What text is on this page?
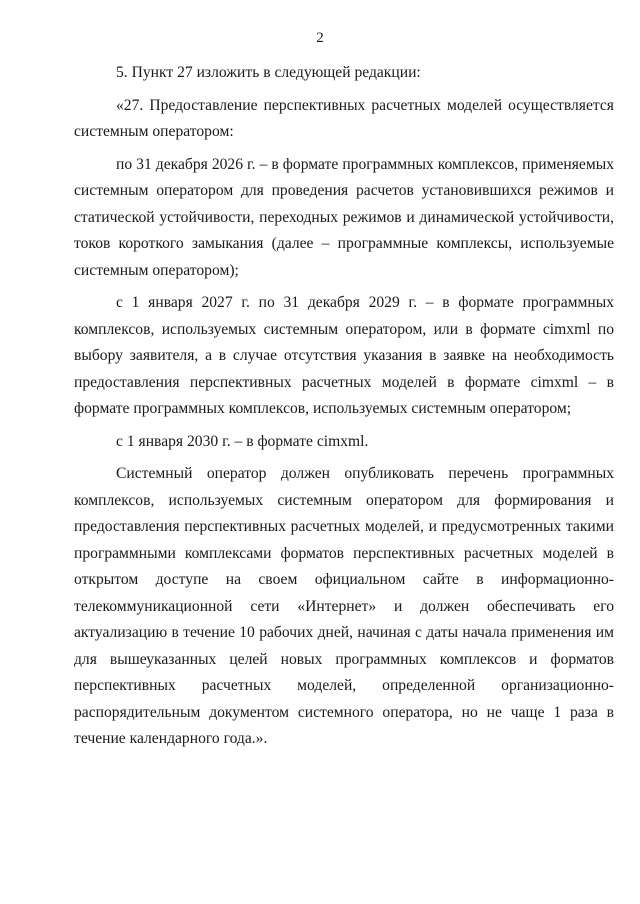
2

5. Пункт 27 изложить в следующей редакции:

«27. Предоставление перспективных расчетных моделей осуществляется системным оператором:

по 31 декабря 2026 г. – в формате программных комплексов, применяемых системным оператором для проведения расчетов установившихся режимов и статической устойчивости, переходных режимов и динамической устойчивости, токов короткого замыкания (далее – программные комплексы, используемые системным оператором);

с 1 января 2027 г. по 31 декабря 2029 г. – в формате программных комплексов, используемых системным оператором, или в формате cimxml по выбору заявителя, а в случае отсутствия указания в заявке на необходимость предоставления перспективных расчетных моделей в формате cimxml – в формате программных комплексов, используемых системным оператором;

с 1 января 2030 г. – в формате cimxml.

Системный оператор должен опубликовать перечень программных комплексов, используемых системным оператором для формирования и предоставления перспективных расчетных моделей, и предусмотренных такими программными комплексами форматов перспективных расчетных моделей в открытом доступе на своем официальном сайте в информационно-телекоммуникационной сети «Интернет» и должен обеспечивать его актуализацию в течение 10 рабочих дней, начиная с даты начала применения им для вышеуказанных целей новых программных комплексов и форматов перспективных расчетных моделей, определенной организационно-распорядительным документом системного оператора, но не чаще 1 раза в течение календарного года.».
